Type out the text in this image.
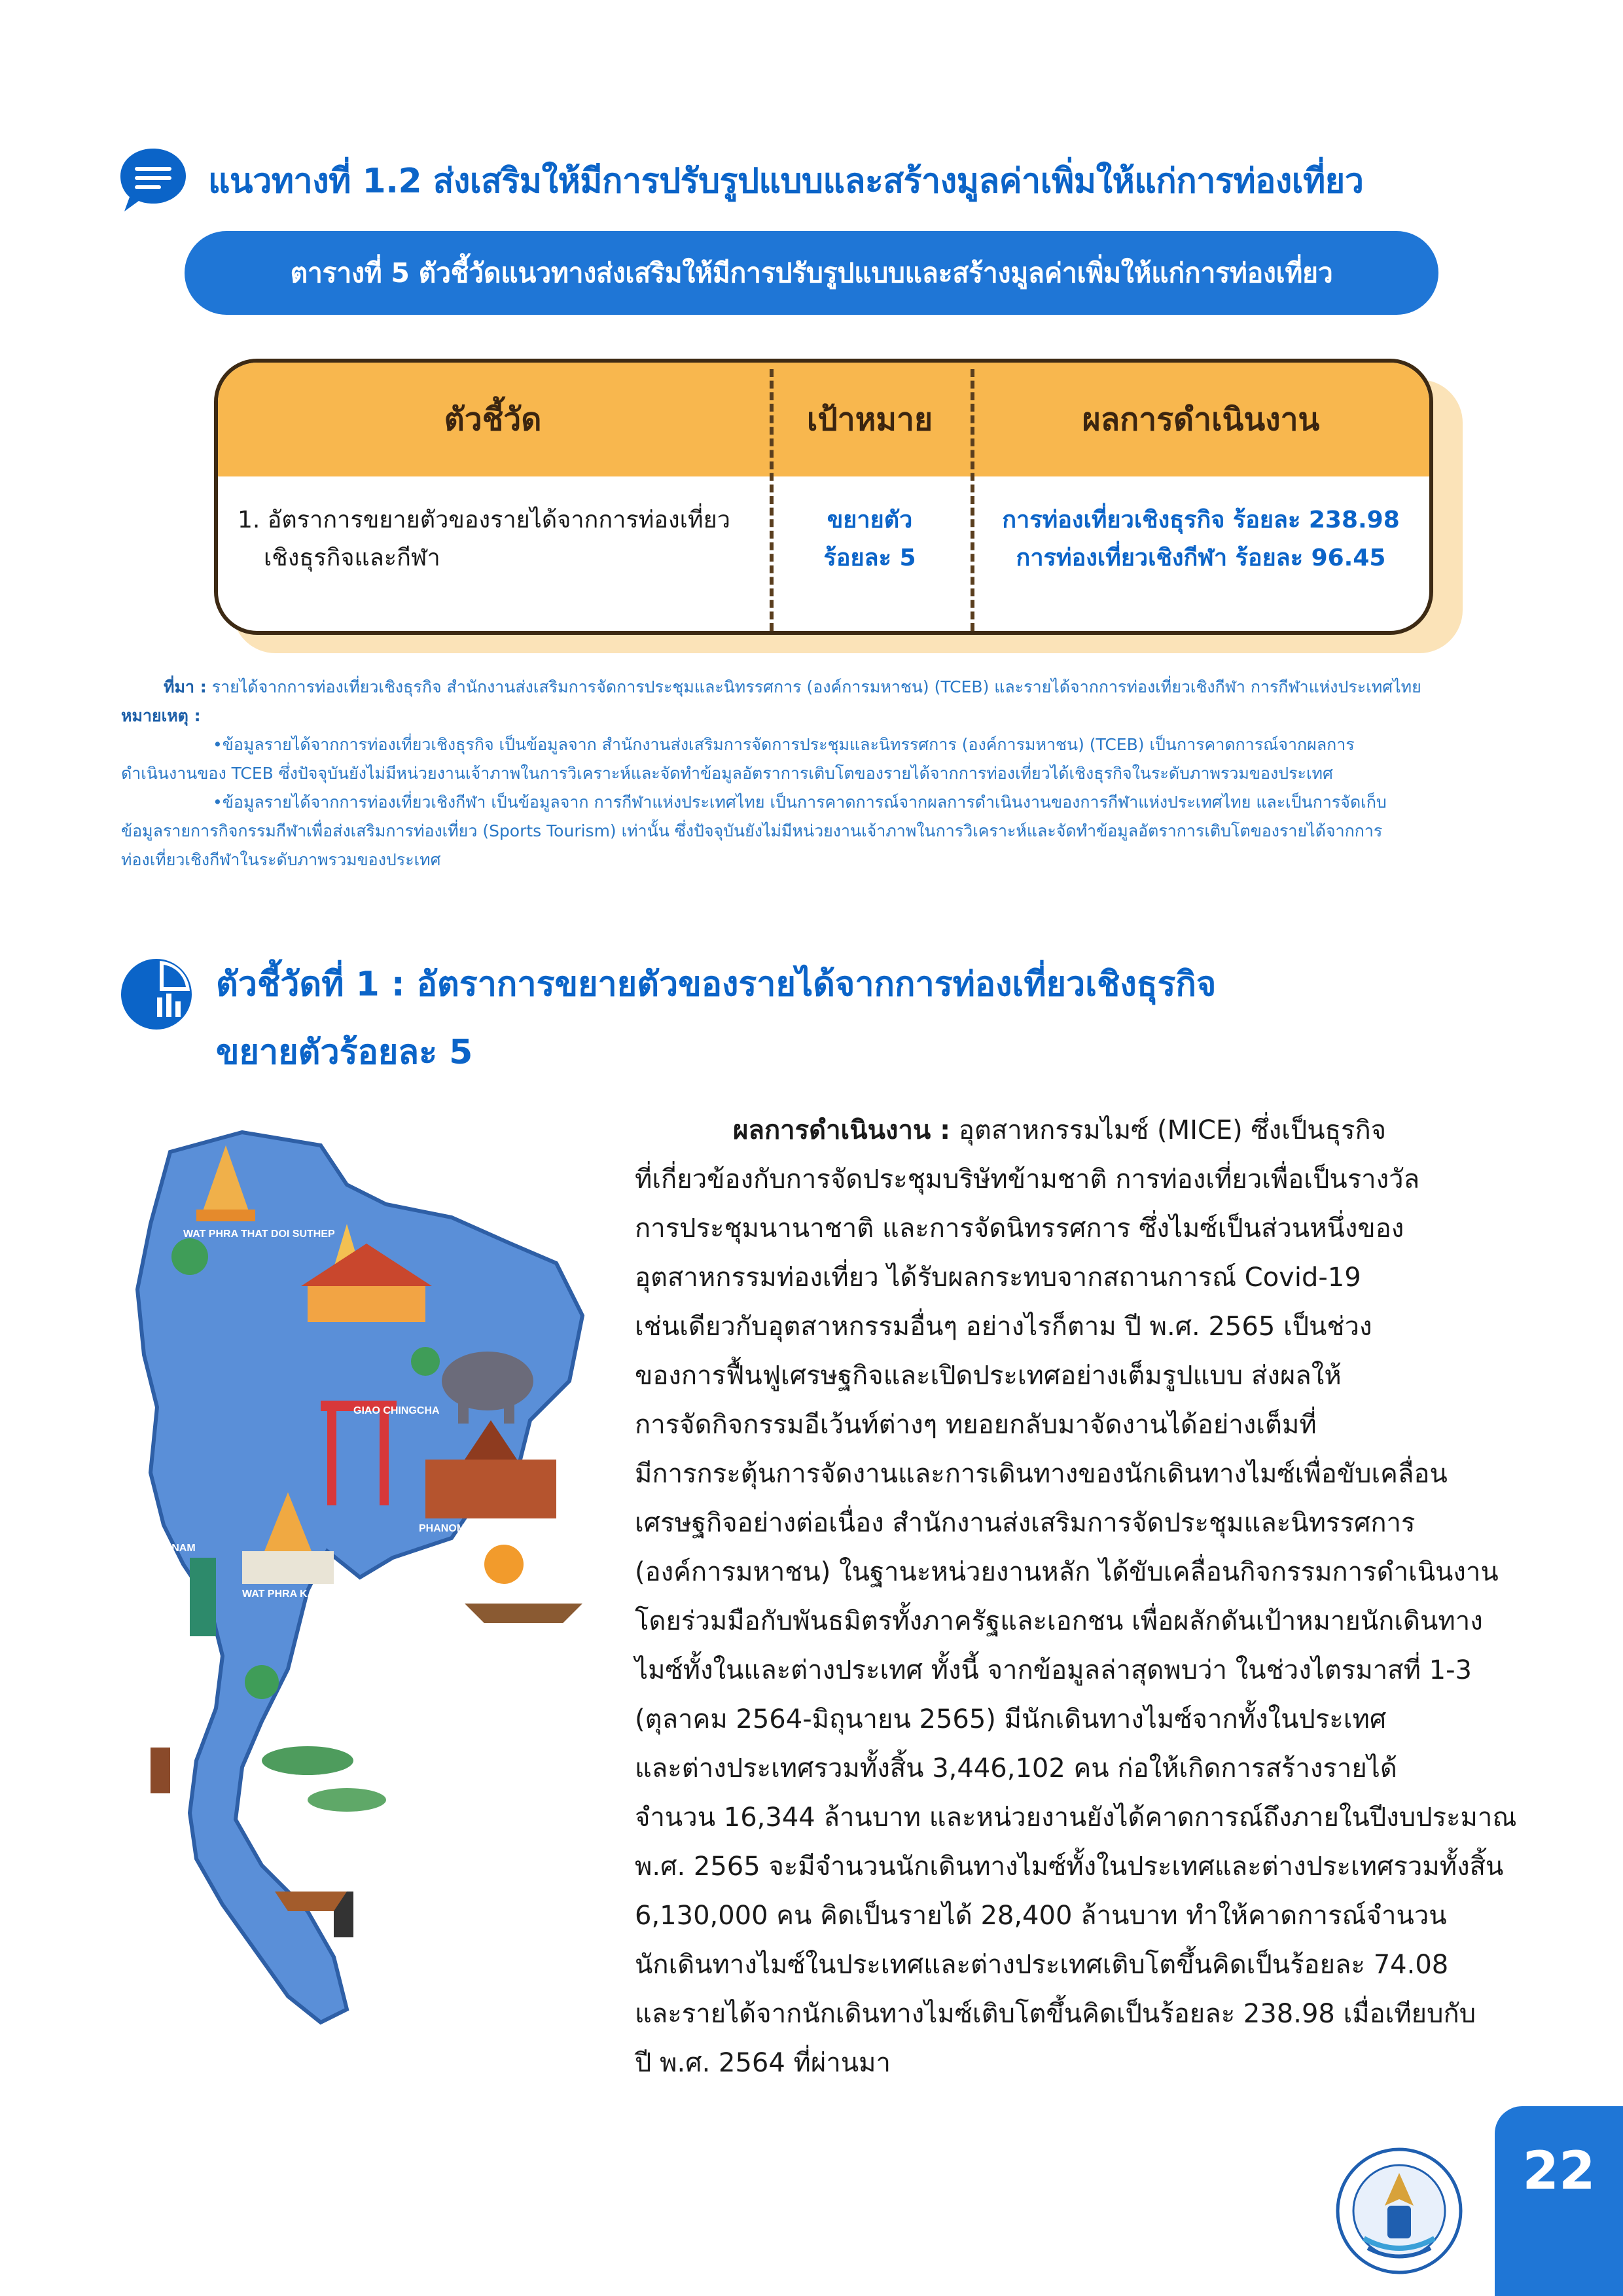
แนวทางที่ 1.2 ส่งเสริมให้มีการปรับรูปแบบและสร้างมูลค่าเพิ่มให้แก่การท่องเที่ยว
ตารางที่ 5 ตัวชี้วัดแนวทางส่งเสริมให้มีการปรับรูปแบบและสร้างมูลค่าเพิ่มให้แก่การท่องเที่ยว
ตัวชี้วัด	เป้าหมาย	ผลการดำเนินงาน
1. อัตราการขยายตัวของรายได้จากการท่องเที่ยว
เชิงธุรกิจและกีฬา
ขยายตัว
ร้อยละ 5
การท่องเที่ยวเชิงธุรกิจ ร้อยละ 238.98
การท่องเที่ยวเชิงกีฬา ร้อยละ 96.45

ที่มา : รายได้จากการท่องเที่ยวเชิงธุรกิจ สำนักงานส่งเสริมการจัดการประชุมและนิทรรศการ (องค์การมหาชน) (TCEB) และรายได้จากการท่องเที่ยวเชิงกีฬา การกีฬาแห่งประเทศไทย

หมายเหตุ :

•ข้อมูลรายได้จากการท่องเที่ยวเชิงธุรกิจ เป็นข้อมูลจาก สำนักงานส่งเสริมการจัดการประชุมและนิทรรศการ (องค์การมหาชน) (TCEB) เป็นการคาดการณ์จากผลการ

ดำเนินงานของ TCEB ซึ่งปัจจุบันยังไม่มีหน่วยงานเจ้าภาพในการวิเคราะห์และจัดทำข้อมูลอัตราการเติบโตของรายได้จากการท่องเที่ยวได้เชิงธุรกิจในระดับภาพรวมของประเทศ

•ข้อมูลรายได้จากการท่องเที่ยวเชิงกีฬา เป็นข้อมูลจาก การกีฬาแห่งประเทศไทย เป็นการคาดการณ์จากผลการดำเนินงานของการกีฬาแห่งประเทศไทย และเป็นการจัดเก็บ

ข้อมูลรายการกิจกรรมกีฬาเพื่อส่งเสริมการท่องเที่ยว (Sports Tourism) เท่านั้น ซึ่งปัจจุบันยังไม่มีหน่วยงานเจ้าภาพในการวิเคราะห์และจัดทำข้อมูลอัตราการเติบโตของรายได้จากการ

ท่องเที่ยวเชิงกีฬาในระดับภาพรวมของประเทศ

ตัวชี้วัดที่ 1 : อัตราการขยายตัวของรายได้จากการท่องเที่ยวเชิงธุรกิจ
ขยายตัวร้อยละ 5
WAT PHRA THAT DOI SUTHEP
GIAO CHINGCHA
SANAM
PHANOM RUNG HISTORICAL PARK
WAT PHRA KAEW

ผลการดำเนินงาน : อุตสาหกรรมไมซ์ (MICE) ซึ่งเป็นธุรกิจ

ที่เกี่ยวข้องกับการจัดประชุมบริษัทข้ามชาติ การท่องเที่ยวเพื่อเป็นรางวัล

การประชุมนานาชาติ และการจัดนิทรรศการ ซึ่งไมซ์เป็นส่วนหนึ่งของ

อุตสาหกรรมท่องเที่ยว ได้รับผลกระทบจากสถานการณ์ Covid-19

เช่นเดียวกับอุตสาหกรรมอื่นๆ อย่างไรก็ตาม ปี พ.ศ. 2565 เป็นช่วง

ของการฟื้นฟูเศรษฐกิจและเปิดประเทศอย่างเต็มรูปแบบ ส่งผลให้

การจัดกิจกรรมอีเว้นท์ต่างๆ ทยอยกลับมาจัดงานได้อย่างเต็มที่

มีการกระตุ้นการจัดงานและการเดินทางของนักเดินทางไมซ์เพื่อขับเคลื่อน

เศรษฐกิจอย่างต่อเนื่อง สำนักงานส่งเสริมการจัดประชุมและนิทรรศการ

(องค์การมหาชน) ในฐานะหน่วยงานหลัก ได้ขับเคลื่อนกิจกรรมการดำเนินงาน

โดยร่วมมือกับพันธมิตรทั้งภาครัฐและเอกชน เพื่อผลักดันเป้าหมายนักเดินทาง

ไมซ์ทั้งในและต่างประเทศ ทั้งนี้ จากข้อมูลล่าสุดพบว่า ในช่วงไตรมาสที่ 1-3

(ตุลาคม 2564-มิถุนายน 2565) มีนักเดินทางไมซ์จากทั้งในประเทศ

และต่างประเทศรวมทั้งสิ้น 3,446,102 คน ก่อให้เกิดการสร้างรายได้

จำนวน 16,344 ล้านบาท และหน่วยงานยังได้คาดการณ์ถึงภายในปีงบประมาณ

พ.ศ. 2565 จะมีจำนวนนักเดินทางไมซ์ทั้งในประเทศและต่างประเทศรวมทั้งสิ้น

6,130,000 คน คิดเป็นรายได้ 28,400 ล้านบาท ทำให้คาดการณ์จำนวน

นักเดินทางไมซ์ในประเทศและต่างประเทศเติบโตขึ้นคิดเป็นร้อยละ 74.08

และรายได้จากนักเดินทางไมซ์เติบโตขึ้นคิดเป็นร้อยละ 238.98 เมื่อเทียบกับ

ปี พ.ศ. 2564 ที่ผ่านมา

22
